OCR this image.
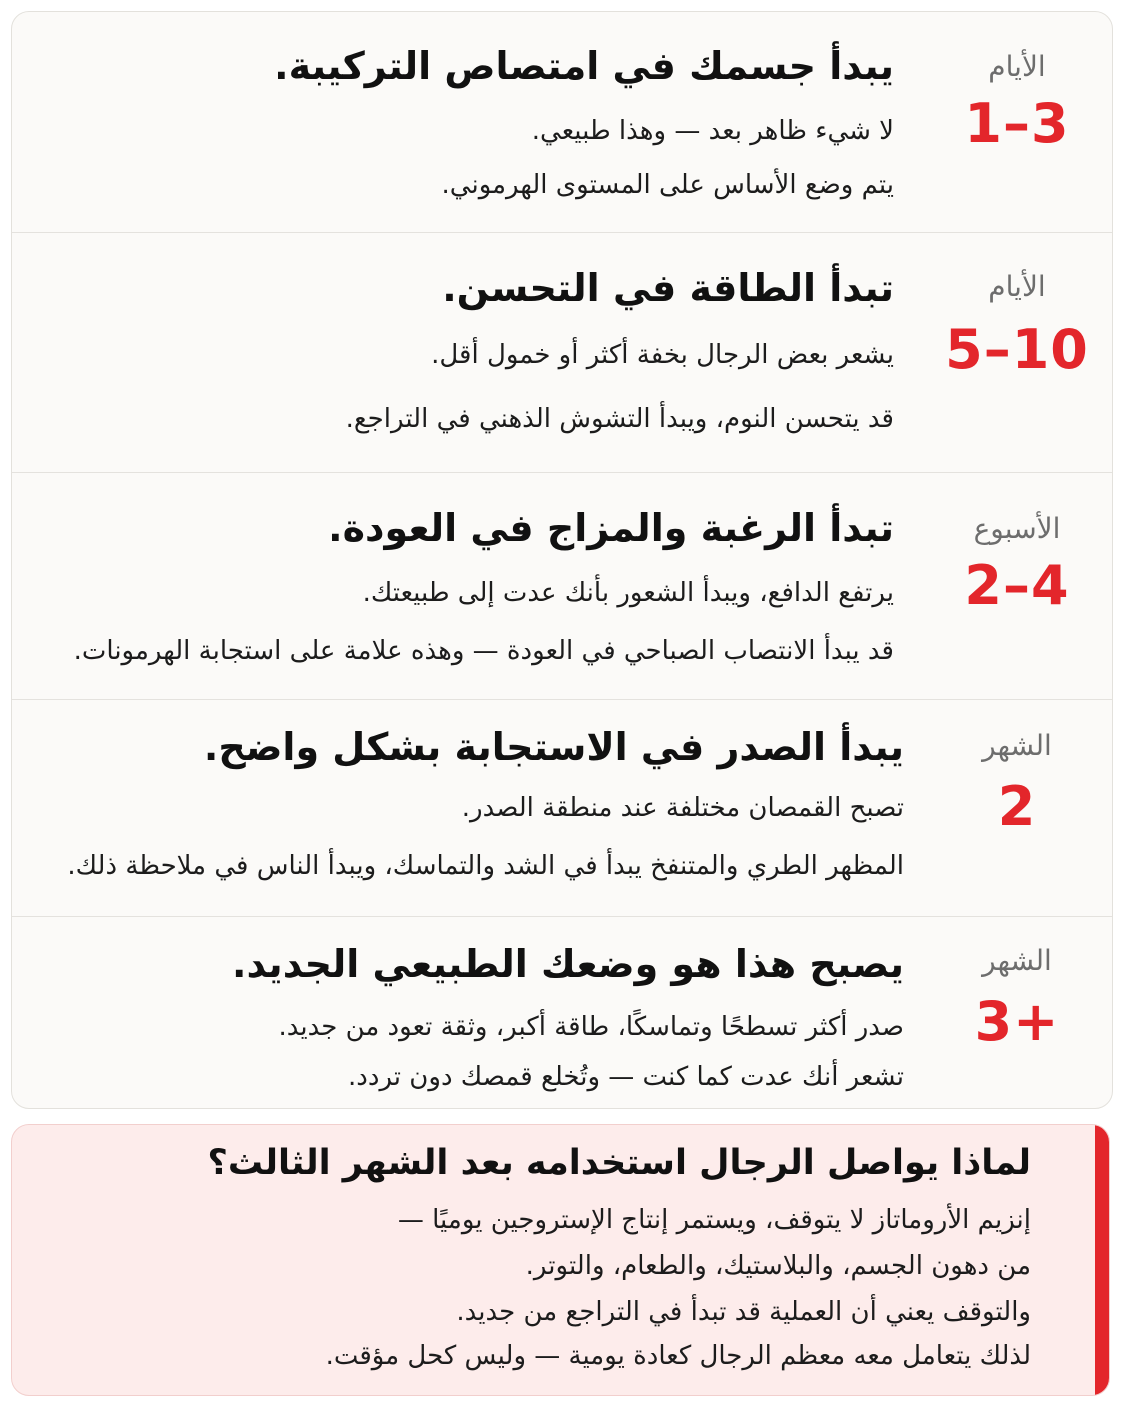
الأيام
1–3
يبدأ جسمك في امتصاص التركيبة.
لا شيء ظاهر بعد — وهذا طبيعي.
يتم وضع الأساس على المستوى الهرموني.
الأيام
5–10
تبدأ الطاقة في التحسن.
يشعر بعض الرجال بخفة أكثر أو خمول أقل.
قد يتحسن النوم، ويبدأ التشوش الذهني في التراجع.
الأسبوع
2–4
تبدأ الرغبة والمزاج في العودة.
يرتفع الدافع، ويبدأ الشعور بأنك عدت إلى طبيعتك.
قد يبدأ الانتصاب الصباحي في العودة — وهذه علامة على استجابة الهرمونات.
الشهر
2
يبدأ الصدر في الاستجابة بشكل واضح.
تصبح القمصان مختلفة عند منطقة الصدر.
المظهر الطري والمتنفخ يبدأ في الشد والتماسك، ويبدأ الناس في ملاحظة ذلك.
الشهر
3+
يصبح هذا هو وضعك الطبيعي الجديد.
صدر أكثر تسطحًا وتماسكًا، طاقة أكبر، وثقة تعود من جديد.
تشعر أنك عدت كما كنت — وتُخلع قمصك دون تردد.
لماذا يواصل الرجال استخدامه بعد الشهر الثالث؟
إنزيم الأروماتاز لا يتوقف، ويستمر إنتاج الإستروجين يوميًا —
من دهون الجسم، والبلاستيك، والطعام، والتوتر.
والتوقف يعني أن العملية قد تبدأ في التراجع من جديد.
لذلك يتعامل معه معظم الرجال كعادة يومية — وليس كحل مؤقت.
